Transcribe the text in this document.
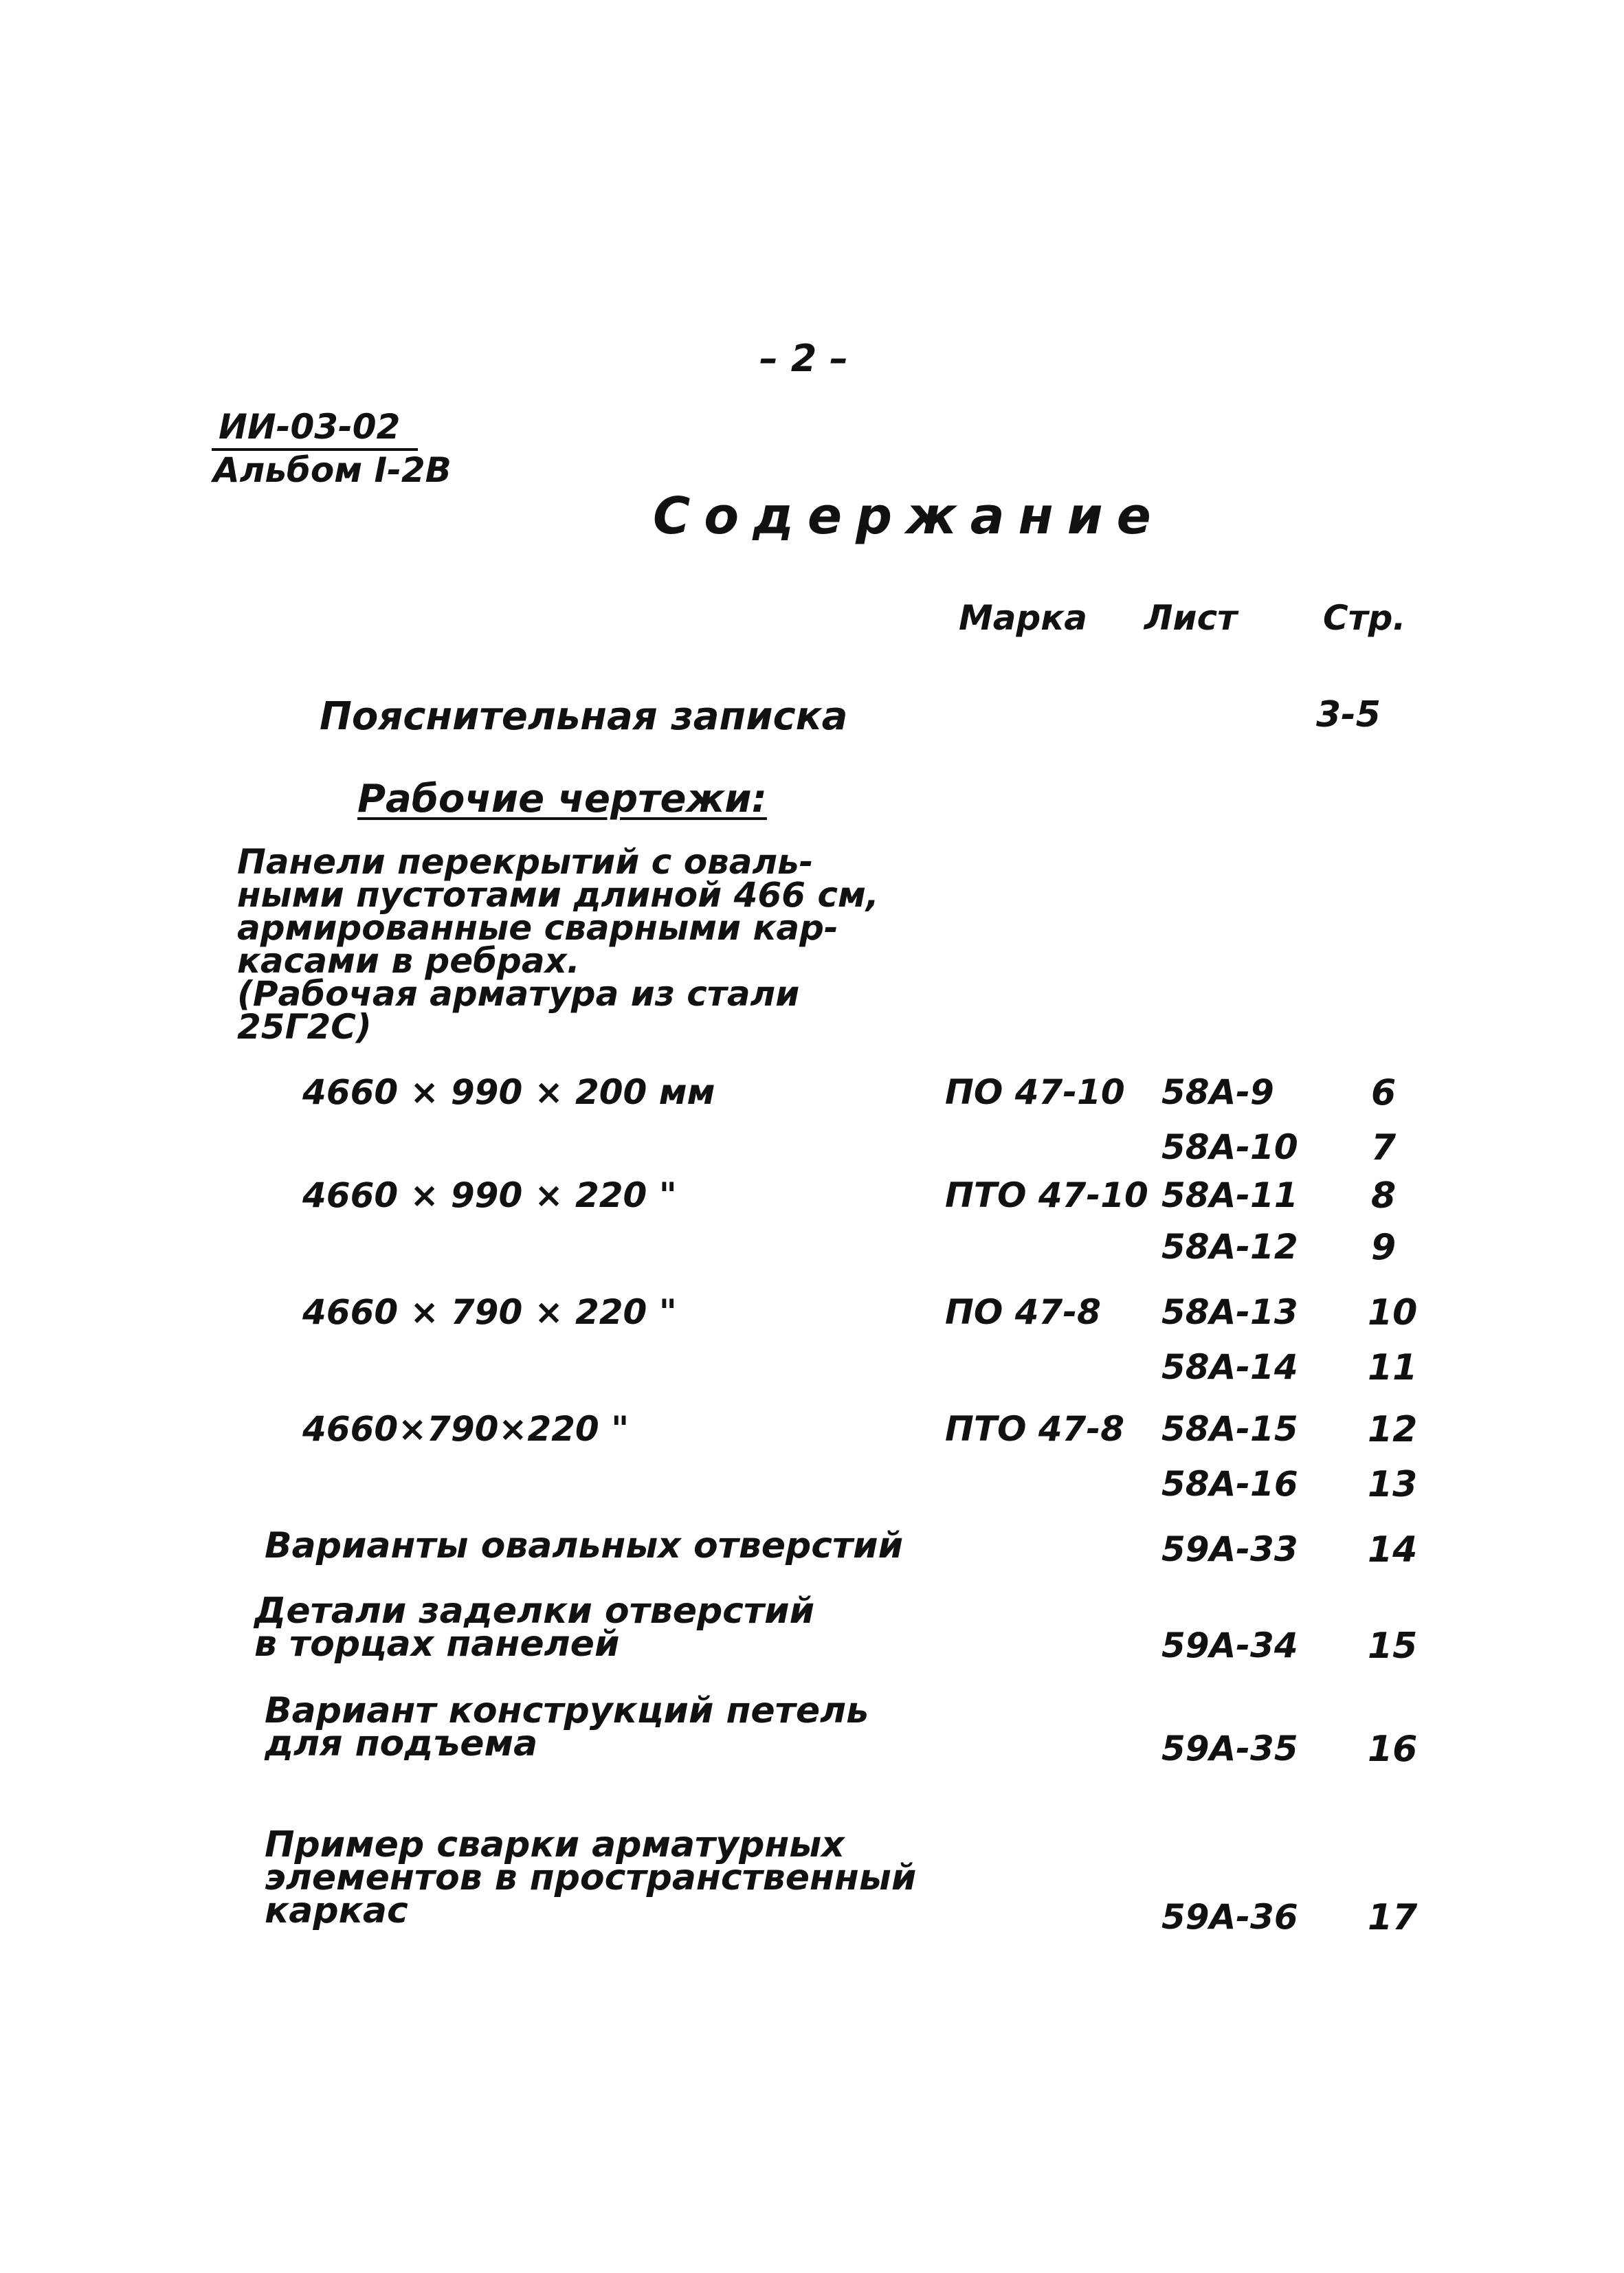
– 2 –
ИИ-03-02
Альбом I-2В
Содержание
Марка Лист Стр.
Пояснительная записка	3-5
Рабочие чертежи:
Панели перекрытий с оваль-
ными пустотами длиной 466 см,
армированные сварными кар-
касами в ребрах.
(Рабочая арматура из стали
25Г2С)
4660 × 990 × 200 мм	ПО 47-10 58А-9	6
58А-10 7
4660 × 990 × 220 "	ПТО 47-10 58А-11 8
58А-12 9
4660 × 790 × 220 "	ПО 47-8 58А-13 10
58А-14 11
4660×790×220 "	ПТО 47-8 58А-15 12
58А-16 13
Варианты овальных отверстий	59А-33 14
Детали заделки отверстий
в торцах панелей	59А-34 15
Вариант конструкций петель
для подъема	59А-35 16
Пример сварки арматурных
элементов в пространственный
каркас	59А-36 17
